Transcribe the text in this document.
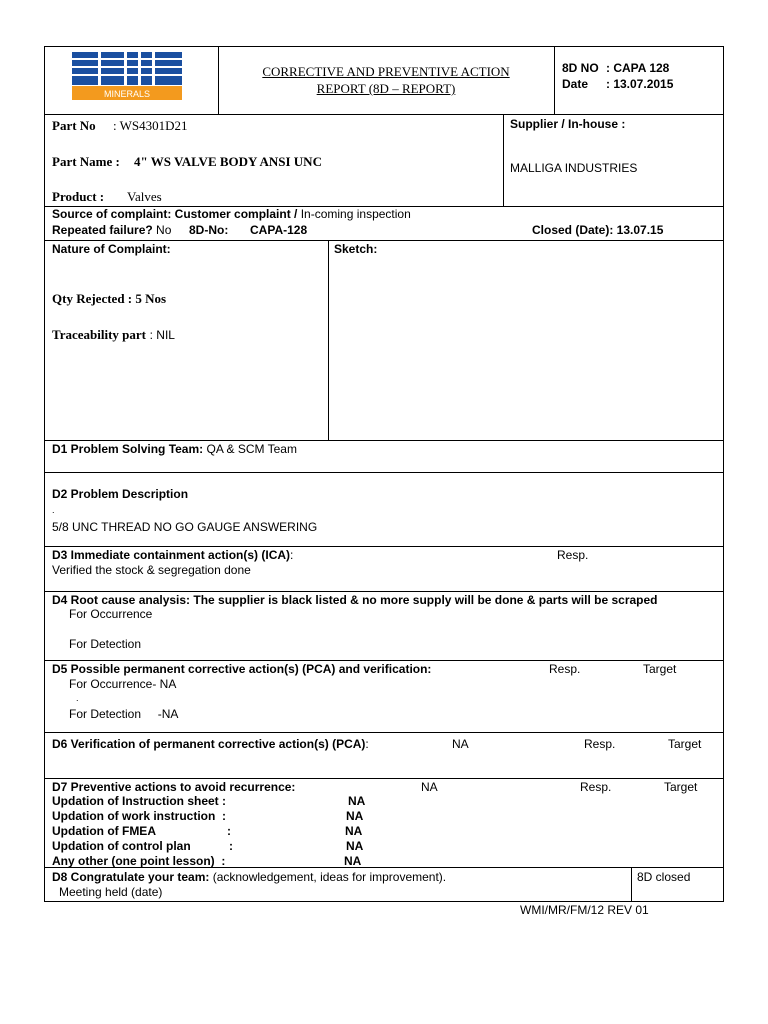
MINERALS
CORRECTIVE AND PREVENTIVE ACTION
REPORT (8D – REPORT)
8D NO : CAPA 128
Date : 13.07.2015
Part No : WS4301D21
Part Name : 4" WS VALVE BODY ANSI UNC
Product : Valves
Supplier / In-house :
MALLIGA INDUSTRIES
Source of complaint: Customer complaint / In-coming inspection
Repeated failure? No 8D-No: CAPA-128	Closed (Date): 13.07.15
Nature of Complaint:
Qty Rejected : 5 Nos
Traceability part : NIL
Sketch:
D1 Problem Solving Team: QA & SCM Team
D2 Problem Description
.
5/8 UNC THREAD NO GO GAUGE ANSWERING
D3 Immediate containment action(s) (ICA):	Resp.
Verified the stock & segregation done
D4 Root cause analysis: The supplier is black listed & no more supply will be done & parts will be scraped
For Occurrence
For Detection
D5 Possible permanent corrective action(s) (PCA) and verification:	Resp.	Target
For Occurrence- NA
.
For Detection     -NA
D6 Verification of permanent corrective action(s) (PCA):	NA	Resp.	Target
D7 Preventive actions to avoid recurrence:	NA	Resp.	Target
Updation of Instruction sheet :	NA
Updation of work instruction  :	NA
Updation of FMEA	:	NA
Updation of control plan	:	NA
Any other (one point lesson)  :	NA
D8 Congratulate your team: (acknowledgement, ideas for improvement).
Meeting held (date)
8D closed
WMI/MR/FM/12 REV 01
